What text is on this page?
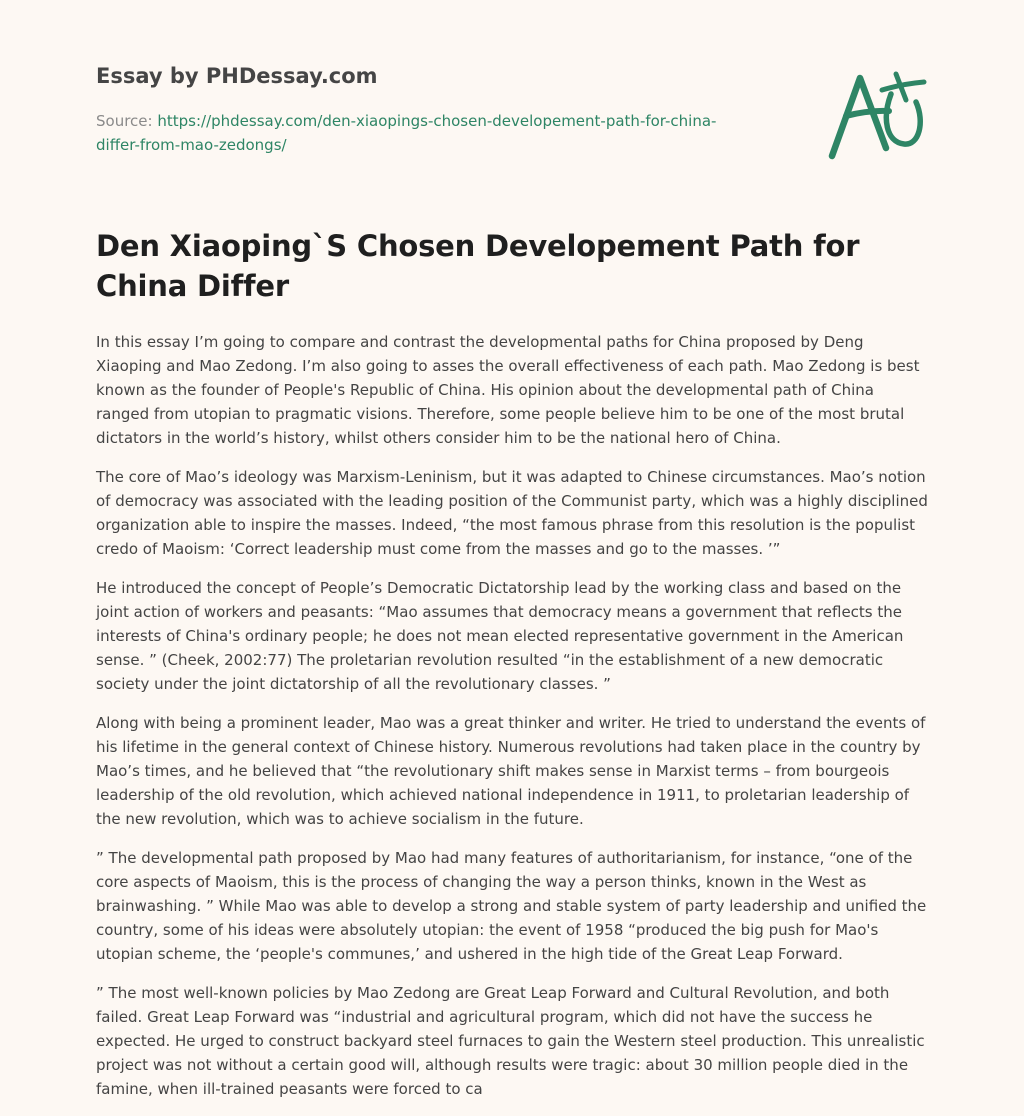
Essay by PHDessay.com
Source: https://phdessay.com/den-xiaopings-chosen-developement-path-for-china-
differ-from-mao-zedongs/
Den Xiaoping`S Chosen Developement Path for China Differ

In this essay I’m going to compare and contrast the developmental paths for China proposed by Deng Xiaoping and Mao Zedong. I’m also going to asses the overall effectiveness of each path. Mao Zedong is best known as the founder of People's Republic of China. His opinion about the developmental path of China ranged from utopian to pragmatic visions. Therefore, some people believe him to be one of the most brutal dictators in the world’s history, whilst others consider him to be the national hero of China.

The core of Mao’s ideology was Marxism-Leninism, but it was adapted to Chinese circumstances. Mao’s notion of democracy was associated with the leading position of the Communist party, which was a highly disciplined organization able to inspire the masses. Indeed, “the most famous phrase from this resolution is the populist credo of Maoism: ‘Correct leadership must come from the masses and go to the masses. ’”

He introduced the concept of People’s Democratic Dictatorship lead by the working class and based on the joint action of workers and peasants: “Mao assumes that democracy means a government that reflects the interests of China's ordinary people; he does not mean elected representative government in the American sense. ” (Cheek, 2002:77) The proletarian revolution resulted “in the establishment of a new democratic society under the joint dictatorship of all the revolutionary classes. ”

Along with being a prominent leader, Mao was a great thinker and writer. He tried to understand the events of his lifetime in the general context of Chinese history. Numerous revolutions had taken place in the country by Mao’s times, and he believed that “the revolutionary shift makes sense in Marxist terms – from bourgeois leadership of the old revolution, which achieved national independence in 1911, to proletarian leadership of the new revolution, which was to achieve socialism in the future.

” The developmental path proposed by Mao had many features of authoritarianism, for instance, “one of the core aspects of Maoism, this is the process of changing the way a person thinks, known in the West as brainwashing. ” While Mao was able to develop a strong and stable system of party leadership and unified the country, some of his ideas were absolutely utopian: the event of 1958 “produced the big push for Mao's utopian scheme, the ‘people's communes,’ and ushered in the high tide of the Great Leap Forward.

” The most well-known policies by Mao Zedong are Great Leap Forward and Cultural Revolution, and both failed. Great Leap Forward was “industrial and agricultural program, which did not have the success he expected. He urged to construct backyard steel furnaces to gain the Western steel production. This unrealistic project was not without a certain good will, although results were tragic: about 30 million people died in the famine, when ill-trained peasants were forced to ca
